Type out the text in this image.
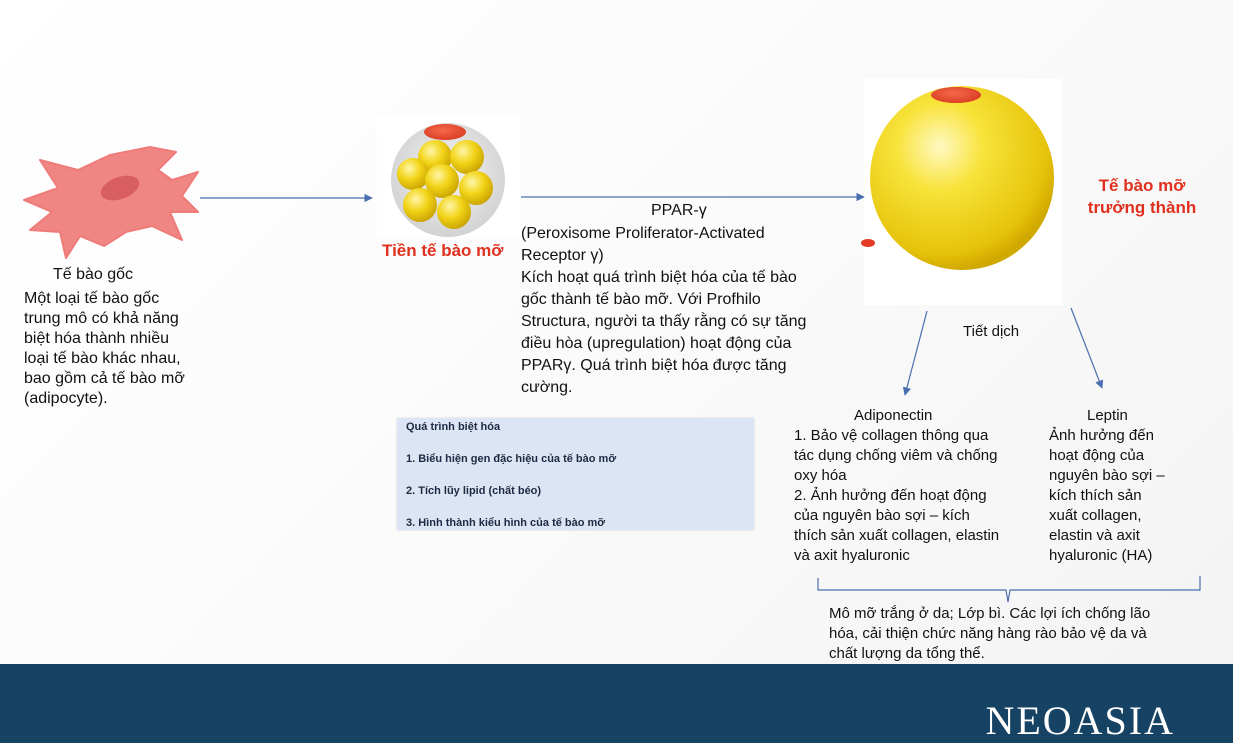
Tế bào gốc
Một loại tế bào gốc
trung mô có khả năng
biệt hóa thành nhiều
loại tế bào khác nhau,
bao gồm cả tế bào mỡ
(adipocyte).
Tiền tế bào mỡ
PPAR-γ
(Peroxisome Proliferator-Activated
Receptor γ)
Kích hoạt quá trình biệt hóa của tế bào
gốc thành tế bào mỡ. Với Profhilo
Structura, người ta thấy rằng có sự tăng
điều hòa (upregulation) hoạt động của
PPARγ. Quá trình biệt hóa được tăng
cường.
Quá trình biệt hóa
1. Biểu hiện gen đặc hiệu của tế bào mỡ
2. Tích lũy lipid (chất béo)
3. Hình thành kiểu hình của tế bào mỡ
Tế bào mỡ
trưởng thành
Tiết dịch
Adiponectin
1. Bảo vệ collagen thông qua
tác dụng chống viêm và chống
oxy hóa
2. Ảnh hưởng đến hoạt động
của nguyên bào sợi – kích
thích sản xuất collagen, elastin
và axit hyaluronic
Leptin
Ảnh hưởng đến
hoạt động của
nguyên bào sợi –
kích thích sản
xuất collagen,
elastin và axit
hyaluronic (HA)
Mô mỡ trắng ở da; Lớp bì. Các lợi ích chống lão
hóa, cải thiện chức năng hàng rào bảo vệ da và
chất lượng da tổng thể.
NEOASIA
